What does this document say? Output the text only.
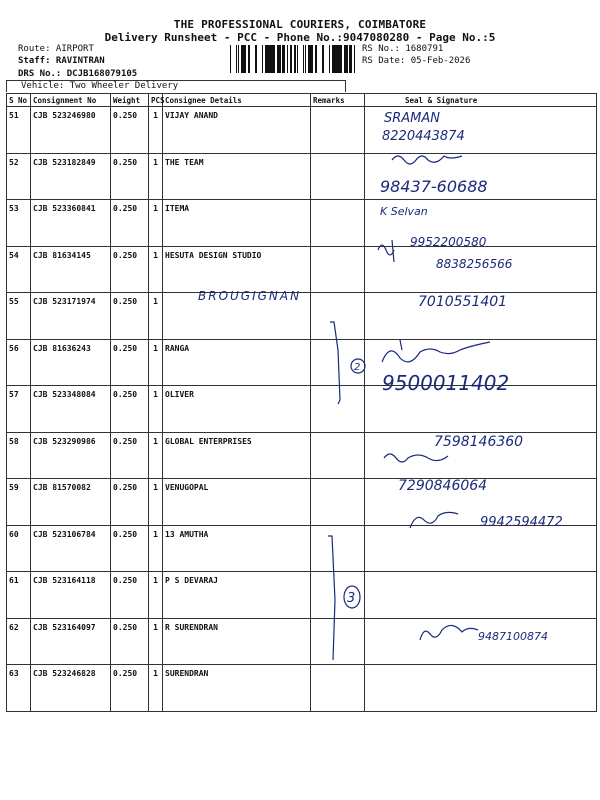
THE PROFESSIONAL COURIERS, COIMBATORE
Delivery Runsheet - PCC - Phone No.:9047080280 - Page No.:5
Route: AIRPORT
Staff: RAVINTRAN
DRS No.: DCJB168079105
RS No.: 1680791
RS Date: 05-Feb-2026
Vehicle: Two Wheeler Delivery
S No	Consignment No	Weight	PCS	Consignee Details	Remarks	Seal & Signature
51	CJB 523246980	0.250	1	VIJAY ANAND		
52	CJB 523182849	0.250	1	THE TEAM		
53	CJB 523360841	0.250	1	ITEMA		
54	CJB 81634145	0.250	1	HESUTA DESIGN STUDIO		
55	CJB 523171974	0.250	1			
56	CJB 81636243	0.250	1	RANGA		
57	CJB 523348084	0.250	1	OLIVER		
58	CJB 523290986	0.250	1	GLOBAL ENTERPRISES		
59	CJB 81570082	0.250	1	VENUGOPAL		
60	CJB 523106784	0.250	1	13 AMUTHA		
61	CJB 523164118	0.250	1	P S DEVARAJ		
62	CJB 523164097	0.250	1	R SURENDRAN		
63	CJB 523246828	0.250	1	SURENDRAN		
SRAMAN
8220443874
98437-60688
K Selvan
9952200580
8838256566
BROUGIGNAN	7010551401
2
9500011402
7598146360
7290846064
9942594472
3
9487100874
